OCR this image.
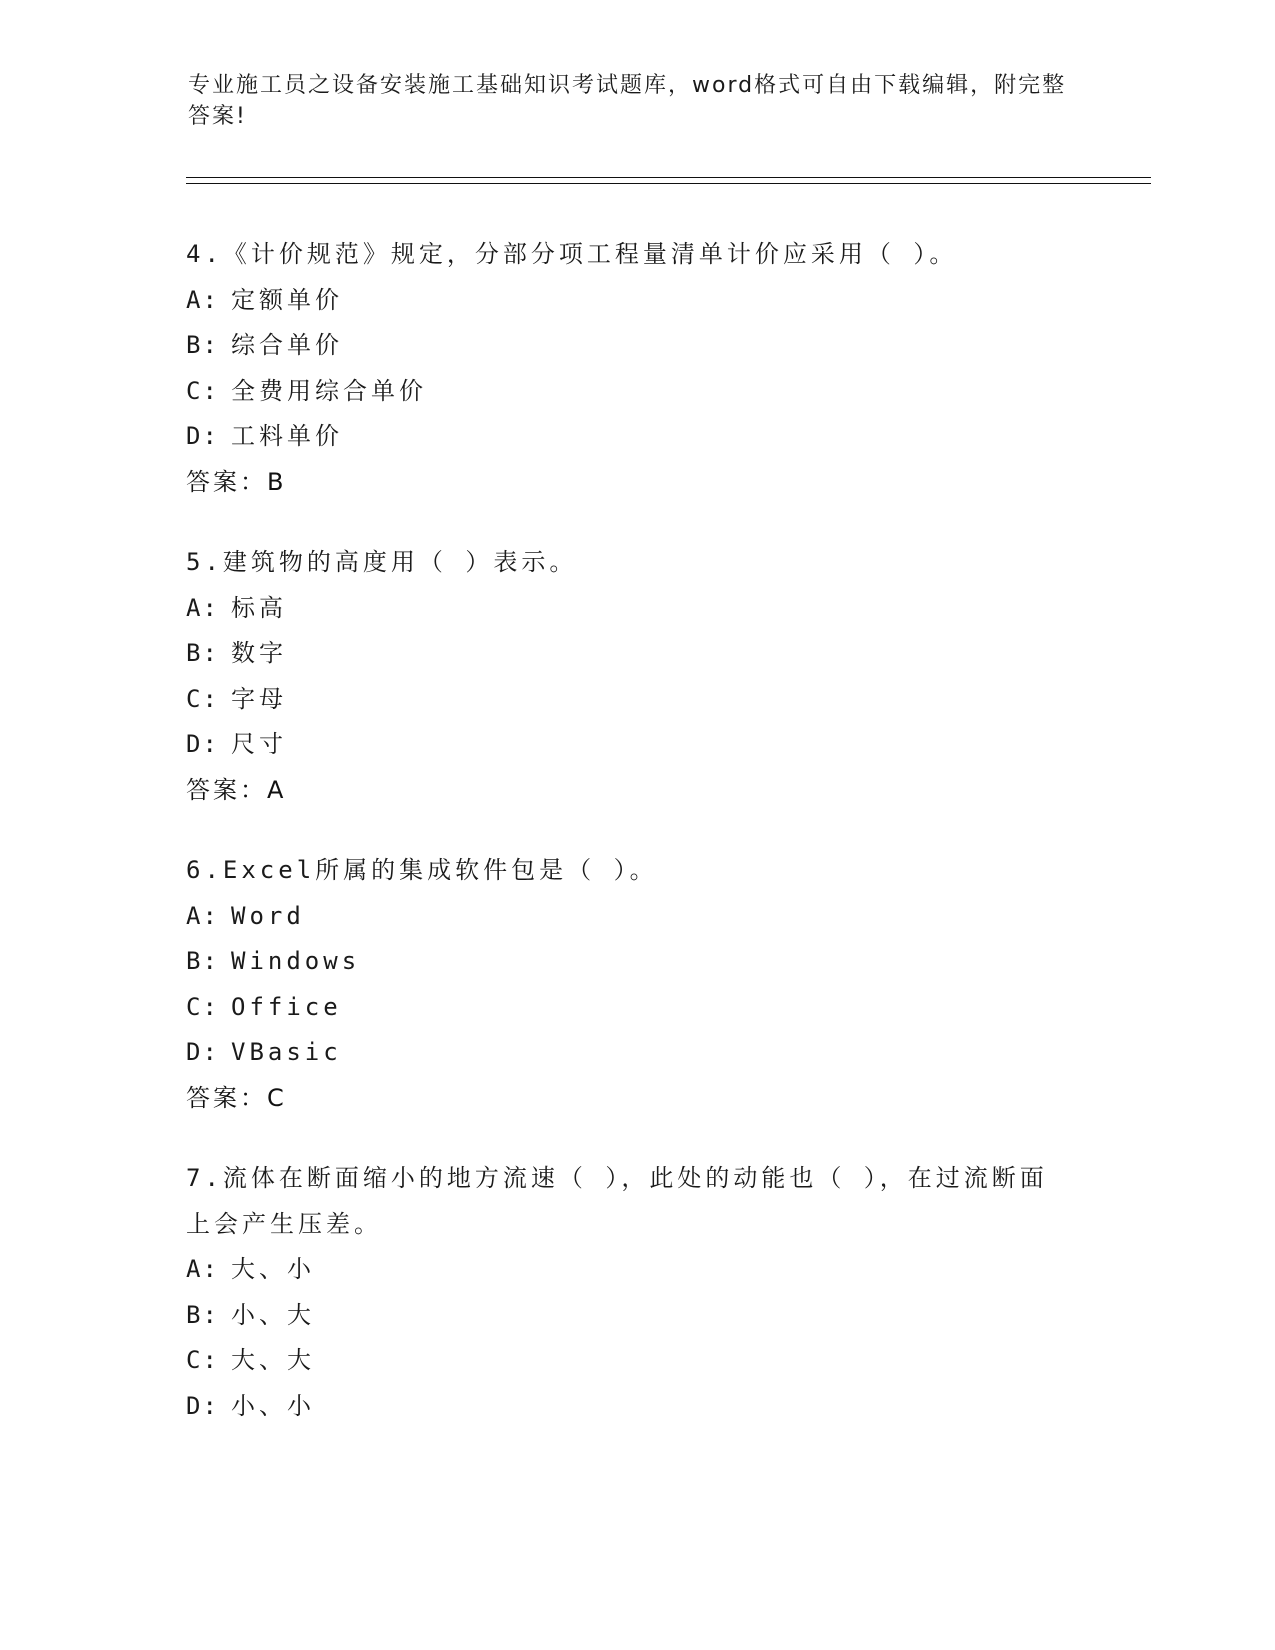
专业施工员之设备安装施工基础知识考试题库，word格式可自由下载编辑，附完整答案!
4.《计价规范》规定，分部分项工程量清单计价应采用（ ）。
A: 定额单价
B: 综合单价
C: 全费用综合单价
D: 工料单价
答案：B
5.建筑物的高度用（ ）表示。
A: 标高
B: 数字
C: 字母
D: 尺寸
答案：A
6.Excel所属的集成软件包是（ ）。
A: Word
B: Windows
C: Office
D: VBasic
答案：C
7.流体在断面缩小的地方流速（ ），此处的动能也（ ），在过流断面上会产生压差。
A: 大、小
B: 小、大
C: 大、大
D: 小、小
